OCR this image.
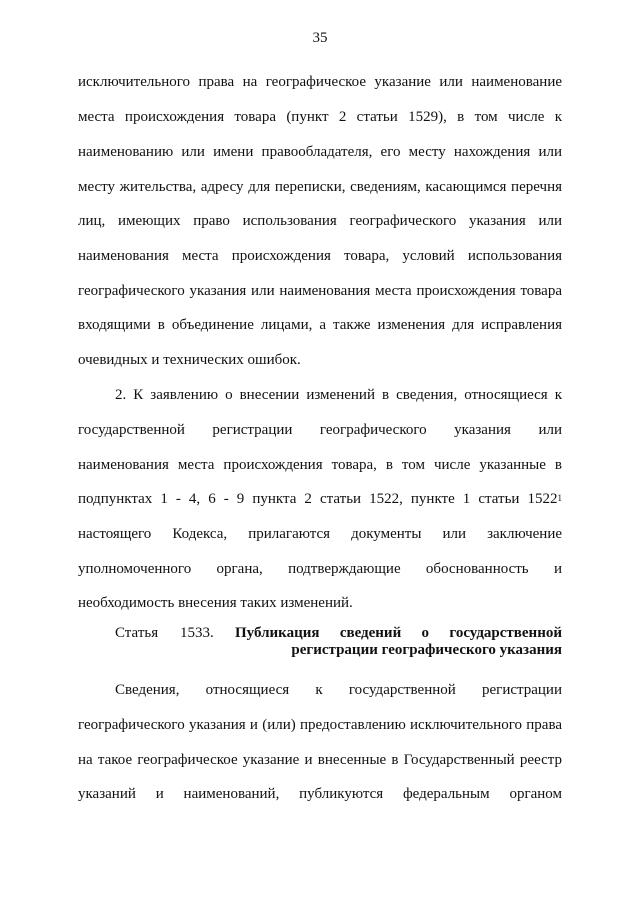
35
исключительного права на географическое указание или наименование
места происхождения товара (пункт 2 статьи 1529), в том числе к
наименованию или имени правообладателя, его месту нахождения или
месту жительства, адресу для переписки, сведениям, касающимся перечня
лиц, имеющих право использования географического указания или
наименования места происхождения товара, условий использования
географического указания или наименования места происхождения товара
входящими в объединение лицами, а также изменения для исправления
очевидных и технических ошибок.
2. К заявлению о внесении изменений в сведения, относящиеся к
государственной регистрации географического указания или
наименования места происхождения товара, в том числе указанные в
подпунктах 1 - 4, 6 - 9 пункта 2 статьи 1522, пункте 1 статьи 1522$^1$
настоящего Кодекса, прилагаются документы или заключение
уполномоченного органа, подтверждающие обоснованность и
необходимость внесения таких изменений.
Статья 1533. Публикация сведений о государственной
регистрации географического указания
Сведения, относящиеся к государственной регистрации
географического указания и (или) предоставлению исключительного права
на такое географическое указание и внесенные в Государственный реестр
указаний и наименований, публикуются федеральным органом
